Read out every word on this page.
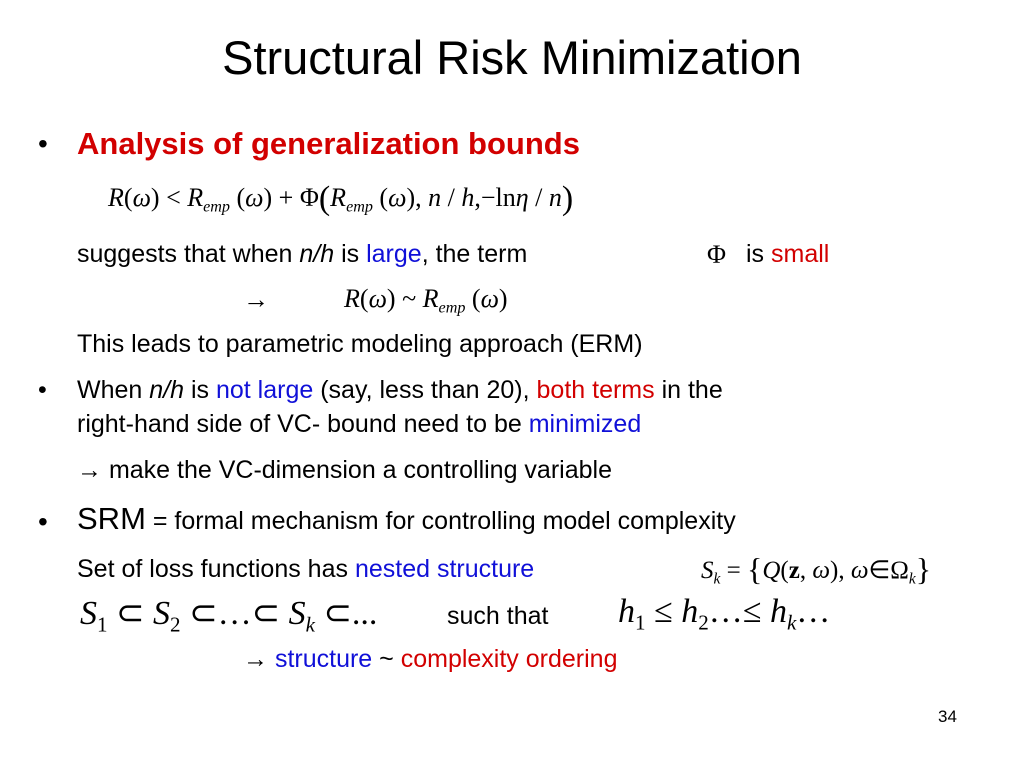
Structural Risk Minimization
• Analysis of generalization bounds
$R(\omega) < R_{emp}$ $(\omega) + \Phi(R_{emp}$ (ω), n / h,−lnη / n)
suggests that when n/h is large, the term	Φ is small
→	R(ω) ~ $R_{emp}$ (ω)
This leads to parametric modeling approach (ERM)
• When n/h is not large (say, less than 20), both terms in the
right-hand side of VC- bound need to be minimized
→ make the VC-dimension a controlling variable
• SRM = formal mechanism for controlling model complexity
Set of loss functions has nested structure	$S_k = \{Q(z$, ω), $\omega\in\Omega_k$}
$S_1$ ⊂ $S_2$ ⊂…⊂ $S_k$ ⊂...	such that $h_1$ ≤ $h_2\dots\le$ $h_k\dots$
→ structure ~ complexity ordering
34
